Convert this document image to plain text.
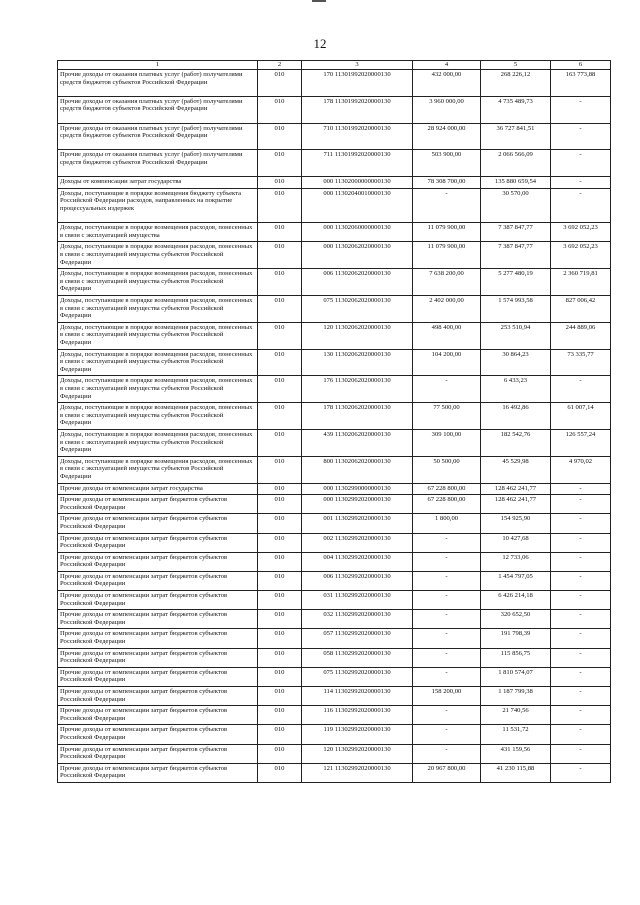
12
1	2	3	4	5	6
Прочие доходы от оказания платных услуг (работ) получателями средств бюджетов субъектов Российской Федерации	010	170 11301992020000130	432 000,00	268 226,12	163 773,88
Прочие доходы от оказания платных услуг (работ) получателями средств бюджетов субъектов Российской Федерации	010	178 11301992020000130	3 960 000,00	4 735 489,73	-
Прочие доходы от оказания платных услуг (работ) получателями средств бюджетов субъектов Российской Федерации	010	710 11301992020000130	28 924 000,00	36 727 841,51	-
Прочие доходы от оказания платных услуг (работ) получателями средств бюджетов субъектов Российской Федерации	010	711 11301992020000130	503 900,00	2 066 566,09	-
Доходы от компенсации затрат государства	010	000 11302000000000130	78 308 700,00	135 880 659,54	-
Доходы, поступающие в порядке возмещения бюджету субъекта Российской Федерации расходов, направленных на покрытие процессуальных издержек	010	000 11302040010000130	-	30 570,00	-
Доходы, поступающие в порядке возмещения расходов, понесенных в связи с эксплуатацией имущества	010	000 11302060000000130	11 079 900,00	7 387 847,77	3 692 052,23
Доходы, поступающие в порядке возмещения расходов, понесенных в связи с эксплуатацией имущества субъектов Российской Федерации	010	000 11302062020000130	11 079 900,00	7 387 847,77	3 692 052,23
Доходы, поступающие в порядке возмещения расходов, понесенных в связи с эксплуатацией имущества субъектов Российской Федерации	010	006 11302062020000130	7 638 200,00	5 277 480,19	2 360 719,81
Доходы, поступающие в порядке возмещения расходов, понесенных в связи с эксплуатацией имущества субъектов Российской Федерации	010	075 11302062020000130	2 402 000,00	1 574 993,58	827 006,42
Доходы, поступающие в порядке возмещения расходов, понесенных в связи с эксплуатацией имущества субъектов Российской Федерации	010	120 11302062020000130	498 400,00	253 510,94	244 889,06
Доходы, поступающие в порядке возмещения расходов, понесенных в связи с эксплуатацией имущества субъектов Российской Федерации	010	130 11302062020000130	104 200,00	30 864,23	73 335,77
Доходы, поступающие в порядке возмещения расходов, понесенных в связи с эксплуатацией имущества субъектов Российской Федерации	010	176 11302062020000130	-	6 433,23	-
Доходы, поступающие в порядке возмещения расходов, понесенных в связи с эксплуатацией имущества субъектов Российской Федерации	010	178 11302062020000130	77 500,00	16 492,86	61 007,14
Доходы, поступающие в порядке возмещения расходов, понесенных в связи с эксплуатацией имущества субъектов Российской Федерации	010	439 11302062020000130	309 100,00	182 542,76	126 557,24
Доходы, поступающие в порядке возмещения расходов, понесенных в связи с эксплуатацией имущества субъектов Российской Федерации	010	800 11302062020000130	50 500,00	45 529,98	4 970,02
Прочие доходы от компенсации затрат государства	010	000 11302990000000130	67 228 800,00	128 462 241,77	-
Прочие доходы от компенсации затрат бюджетов субъектов Российской Федерации	010	000 11302992020000130	67 228 800,00	128 462 241,77	-
Прочие доходы от компенсации затрат бюджетов субъектов Российской Федерации	010	001 11302992020000130	1 800,00	154 925,90	-
Прочие доходы от компенсации затрат бюджетов субъектов Российской Федерации	010	002 11302992020000130	-	10 427,68	-
Прочие доходы от компенсации затрат бюджетов субъектов Российской Федерации	010	004 11302992020000130	-	12 733,06	-
Прочие доходы от компенсации затрат бюджетов субъектов Российской Федерации	010	006 11302992020000130	-	1 454 797,05	-
Прочие доходы от компенсации затрат бюджетов субъектов Российской Федерации	010	031 11302992020000130	-	6 426 214,18	-
Прочие доходы от компенсации затрат бюджетов субъектов Российской Федерации	010	032 11302992020000130	-	320 652,50	-
Прочие доходы от компенсации затрат бюджетов субъектов Российской Федерации	010	057 11302992020000130	-	191 798,39	-
Прочие доходы от компенсации затрат бюджетов субъектов Российской Федерации	010	058 11302992020000130	-	115 856,75	-
Прочие доходы от компенсации затрат бюджетов субъектов Российской Федерации	010	075 11302992020000130	-	1 810 574,07	-
Прочие доходы от компенсации затрат бюджетов субъектов Российской Федерации	010	114 11302992020000130	158 200,00	1 187 799,38	-
Прочие доходы от компенсации затрат бюджетов субъектов Российской Федерации	010	116 11302992020000130	-	21 740,56	-
Прочие доходы от компенсации затрат бюджетов субъектов Российской Федерации	010	119 11302992020000130	-	11 531,72	-
Прочие доходы от компенсации затрат бюджетов субъектов Российской Федерации	010	120 11302992020000130	-	431 159,56	-
Прочие доходы от компенсации затрат бюджетов субъектов Российской Федерации	010	121 11302992020000130	20 967 800,00	41 230 115,88	-
